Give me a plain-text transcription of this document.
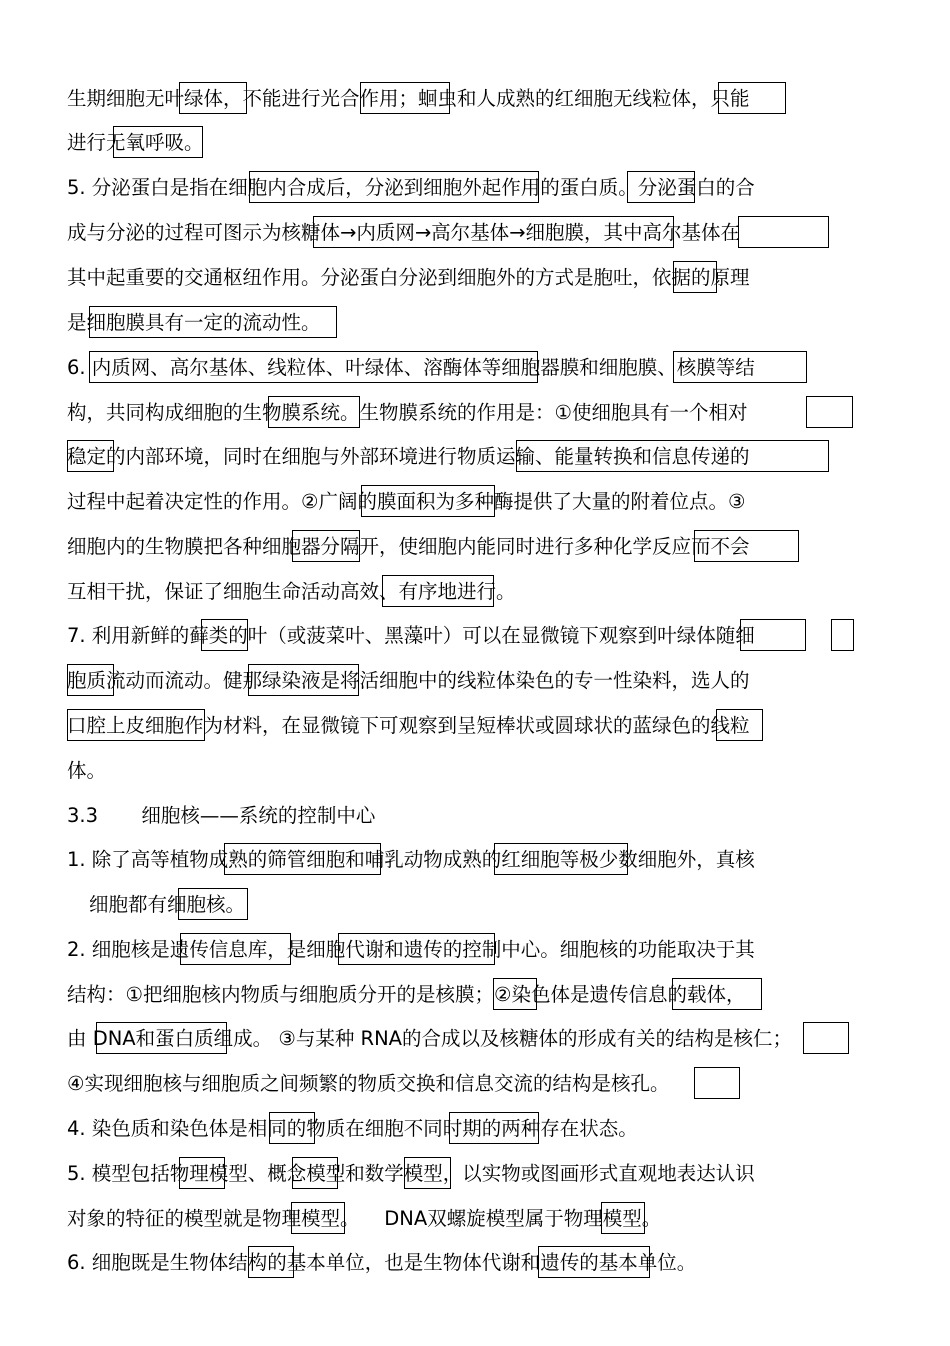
生期细胞无叶绿体，不能进行光合作用；蛔虫和人成熟的红细胞无线粒体，只能
进行无氧呼吸。
5. 分泌蛋白是指在细胞内合成后，分泌到细胞外起作用的蛋白质。分泌蛋白的合
成与分泌的过程可图示为核糖体→内质网→高尔基体→细胞膜，其中高尔基体在
其中起重要的交通枢纽作用。分泌蛋白分泌到细胞外的方式是胞吐，依据的原理
是细胞膜具有一定的流动性。
6. 内质网、高尔基体、线粒体、叶绿体、溶酶体等细胞器膜和细胞膜、核膜等结
构，共同构成细胞的生物膜系统。生物膜系统的作用是：①使细胞具有一个相对
稳定的内部环境，同时在细胞与外部环境进行物质运输、能量转换和信息传递的
过程中起着决定性的作用。②广阔的膜面积为多种酶提供了大量的附着位点。③
细胞内的生物膜把各种细胞器分隔开，使细胞内能同时进行多种化学反应而不会
互相干扰，保证了细胞生命活动高效、有序地进行。
7. 利用新鲜的藓类的叶（或菠菜叶、黑藻叶）可以在显微镜下观察到叶绿体随细
胞质流动而流动。健那绿染液是将活细胞中的线粒体染色的专一性染料，选人的
口腔上皮细胞作为材料，在显微镜下可观察到呈短棒状或圆球状的蓝绿色的线粒
体。
3.3       细胞核——系统的控制中心
1. 除了高等植物成熟的筛管细胞和哺乳动物成熟的红细胞等极少数细胞外，真核
细胞都有细胞核。
2. 细胞核是遗传信息库，是细胞代谢和遗传的控制中心。细胞核的功能取决于其
结构：①把细胞核内物质与细胞质分开的是核膜；②染色体是遗传信息的载体，
由 DNA和蛋白质组成。 ③与某种 RNA的合成以及核糖体的形成有关的结构是核仁；
④实现细胞核与细胞质之间频繁的物质交换和信息交流的结构是核孔。
4. 染色质和染色体是相同的物质在细胞不同时期的两种存在状态。
5. 模型包括物理模型、概念模型和数学模型，以实物或图画形式直观地表达认识
对象的特征的模型就是物理模型。    DNA双螺旋模型属于物理模型。
6. 细胞既是生物体结构的基本单位，也是生物体代谢和遗传的基本单位。
